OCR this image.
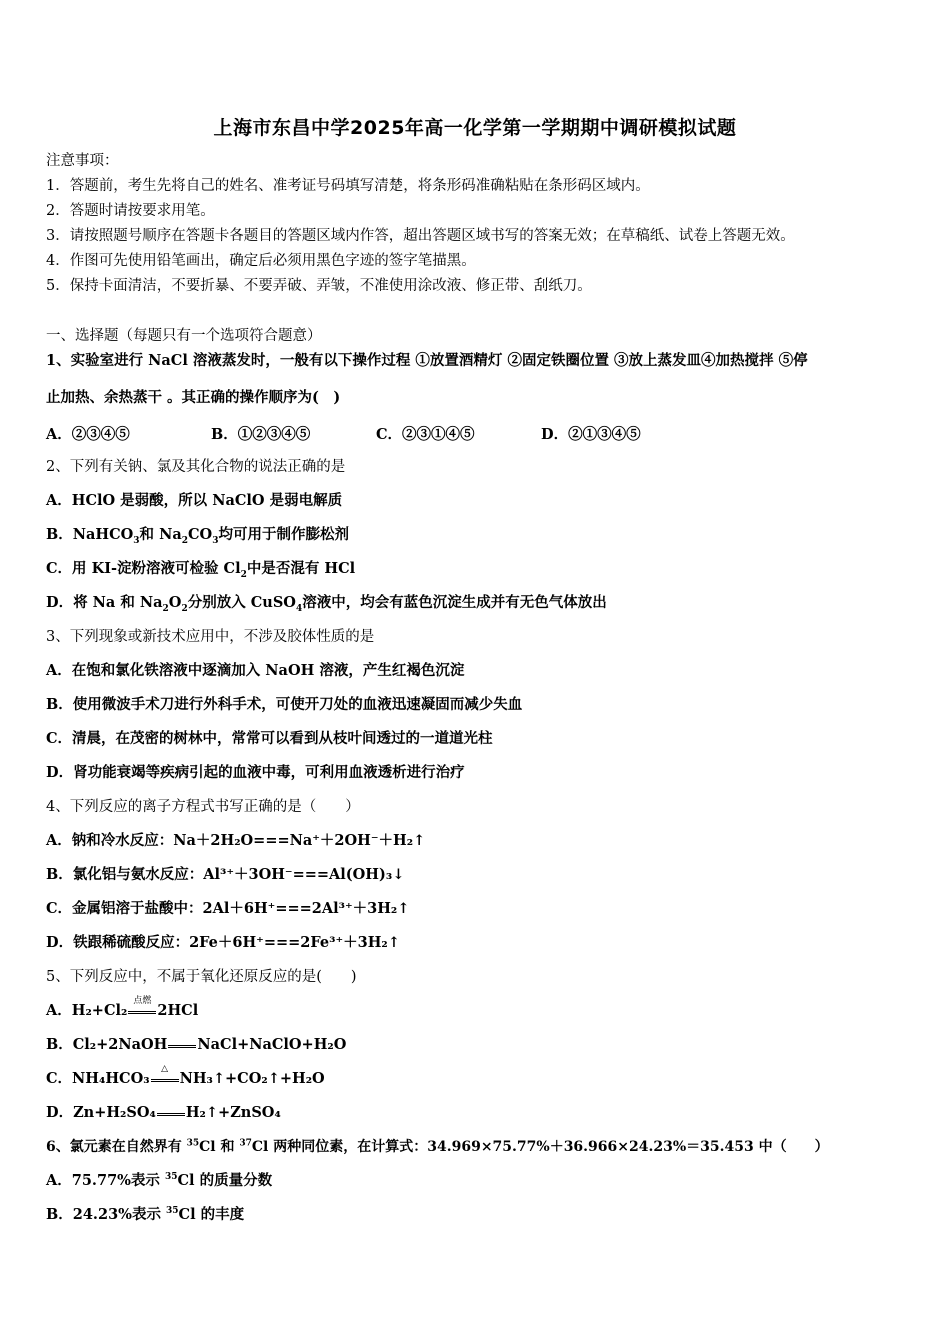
上海市东昌中学2025年高一化学第一学期期中调研模拟试题
注意事项：
1．答题前，考生先将自己的姓名、准考证号码填写清楚，将条形码准确粘贴在条形码区域内。
2．答题时请按要求用笔。
3．请按照题号顺序在答题卡各题目的答题区域内作答，超出答题区域书写的答案无效；在草稿纸、试卷上答题无效。
4．作图可先使用铅笔画出，确定后必须用黑色字迹的签字笔描黑。
5．保持卡面清洁，不要折暴、不要弄破、弄皱，不准使用涂改液、修正带、刮纸刀。
一、选择题（每题只有一个选项符合题意）
1、实验室进行 NaCl 溶液蒸发时，一般有以下操作过程 ①放置酒精灯 ②固定铁圈位置 ③放上蒸发皿④加热搅拌 ⑤停
止加热、余热蒸干 。其正确的操作顺序为(　)
A．②③④⑤	B．①②③④⑤	C．②③①④⑤	D．②①③④⑤
2、下列有关钠、氯及其化合物的说法正确的是
A．HClO 是弱酸，所以 NaClO 是弱电解质
B．NaHCO$_3$和 $Na_2CO_3$均可用于制作膨松剂
C．用 KI-淀粉溶液可检验 $Cl_2$中是否混有 HCl
D．将 Na 和 $Na_2O_2$分别放入 CuSO$_4$溶液中，均会有蓝色沉淀生成并有无色气体放出
3、下列现象或新技术应用中，不涉及胶体性质的是
A．在饱和氯化铁溶液中逐滴加入 NaOH 溶液，产生红褐色沉淀
B．使用微波手术刀进行外科手术，可使开刀处的血液迅速凝固而减少失血
C．清晨，在茂密的树林中，常常可以看到从枝叶间透过的一道道光柱
D．肾功能衰竭等疾病引起的血液中毒，可利用血液透析进行治疗
4、下列反应的离子方程式书写正确的是（　　）
A．钠和冷水反应：Na＋2H₂O===Na⁺＋2OH⁻＋H₂↑
B．氯化铝与氨水反应：Al³⁺＋3OH⁻===Al(OH)₃↓
C．金属铝溶于盐酸中：2Al＋6H⁺===2Al³⁺＋3H₂↑
D．铁跟稀硫酸反应：2Fe＋6H⁺===2Fe³⁺＋3H₂↑
5、下列反应中，不属于氧化还原反应的是(　　)
A．H₂+Cl₂
点燃
2HCl
B．Cl₂+2NaOH NaCl+NaClO+H₂O
C．NH₄HCO₃
△
NH₃↑+CO₂↑+H₂O
D．Zn+H₂SO₄ H₂↑+ZnSO₄
6、氯元素在自然界有 $^{35}$Cl 和 $^{37}$Cl 两种同位素，在计算式：34.969×75.77%＋36.966×24.23%＝35.453 中（　　）
A．75.77%表示 $^{35}$Cl 的质量分数
B．24.23%表示 $^{35}$Cl 的丰度
